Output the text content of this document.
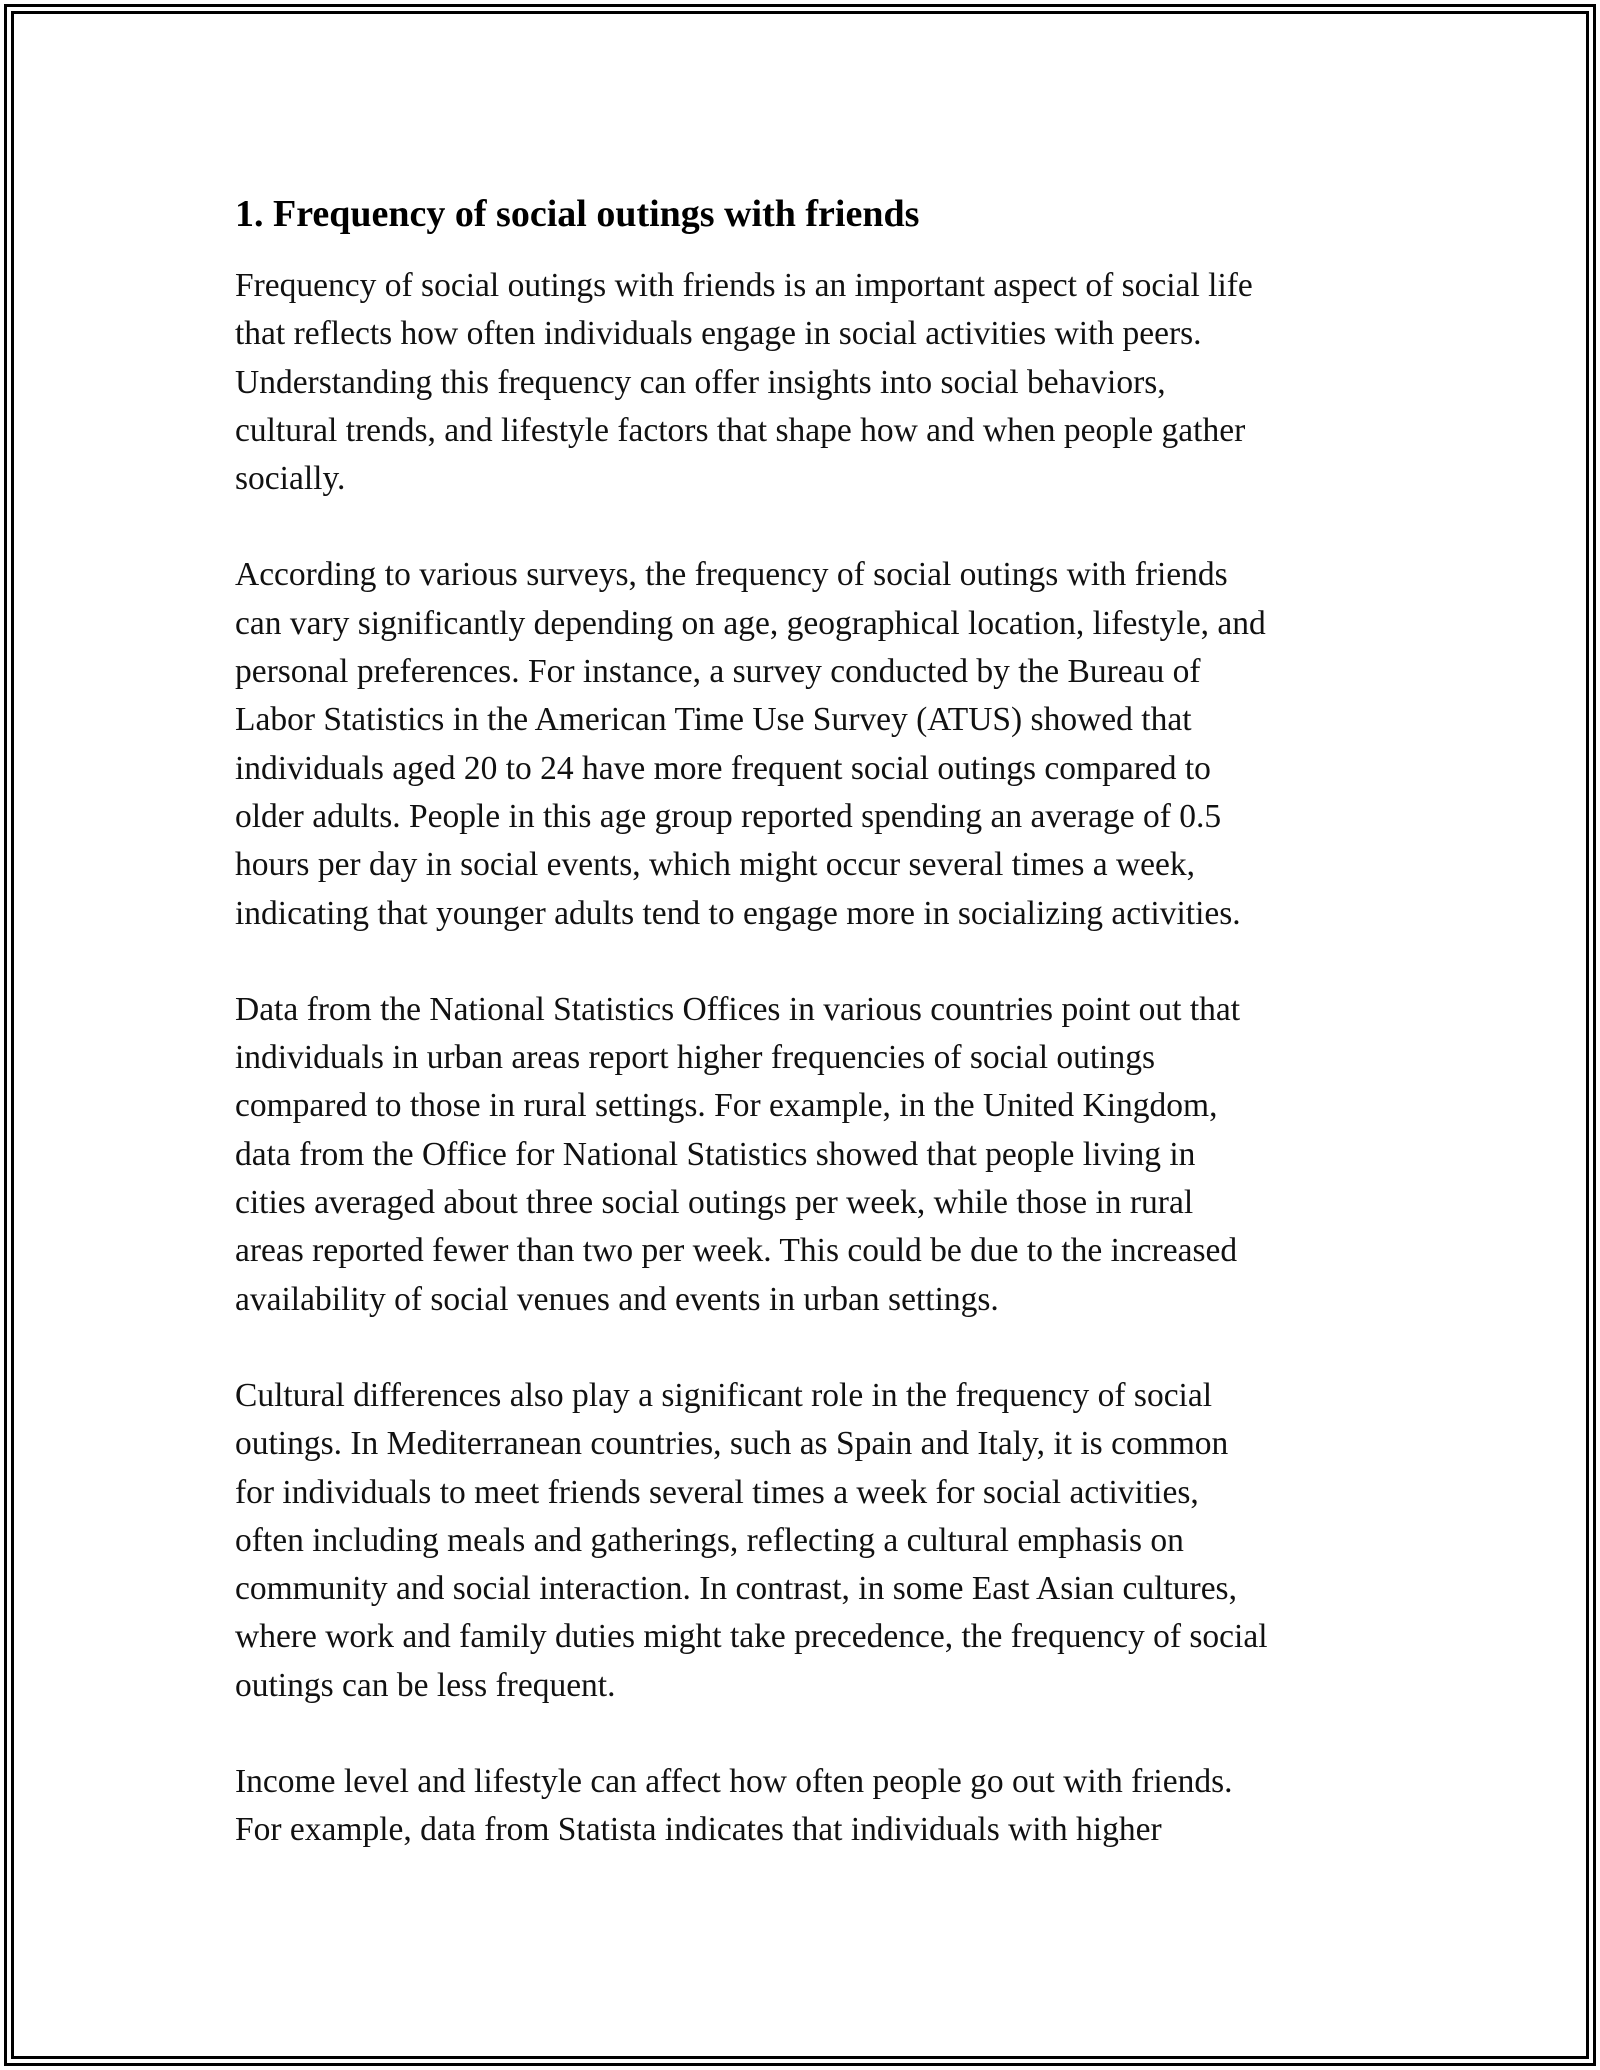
1. Frequency of social outings with friends

Frequency of social outings with friends is an important aspect of social life
that reflects how often individuals engage in social activities with peers.
Understanding this frequency can offer insights into social behaviors,
cultural trends, and lifestyle factors that shape how and when people gather
socially.

According to various surveys, the frequency of social outings with friends
can vary significantly depending on age, geographical location, lifestyle, and
personal preferences. For instance, a survey conducted by the Bureau of
Labor Statistics in the American Time Use Survey (ATUS) showed that
individuals aged 20 to 24 have more frequent social outings compared to
older adults. People in this age group reported spending an average of 0.5
hours per day in social events, which might occur several times a week,
indicating that younger adults tend to engage more in socializing activities.

Data from the National Statistics Offices in various countries point out that
individuals in urban areas report higher frequencies of social outings
compared to those in rural settings. For example, in the United Kingdom,
data from the Office for National Statistics showed that people living in
cities averaged about three social outings per week, while those in rural
areas reported fewer than two per week. This could be due to the increased
availability of social venues and events in urban settings.

Cultural differences also play a significant role in the frequency of social
outings. In Mediterranean countries, such as Spain and Italy, it is common
for individuals to meet friends several times a week for social activities,
often including meals and gatherings, reflecting a cultural emphasis on
community and social interaction. In contrast, in some East Asian cultures,
where work and family duties might take precedence, the frequency of social
outings can be less frequent.

Income level and lifestyle can affect how often people go out with friends.
For example, data from Statista indicates that individuals with higher
